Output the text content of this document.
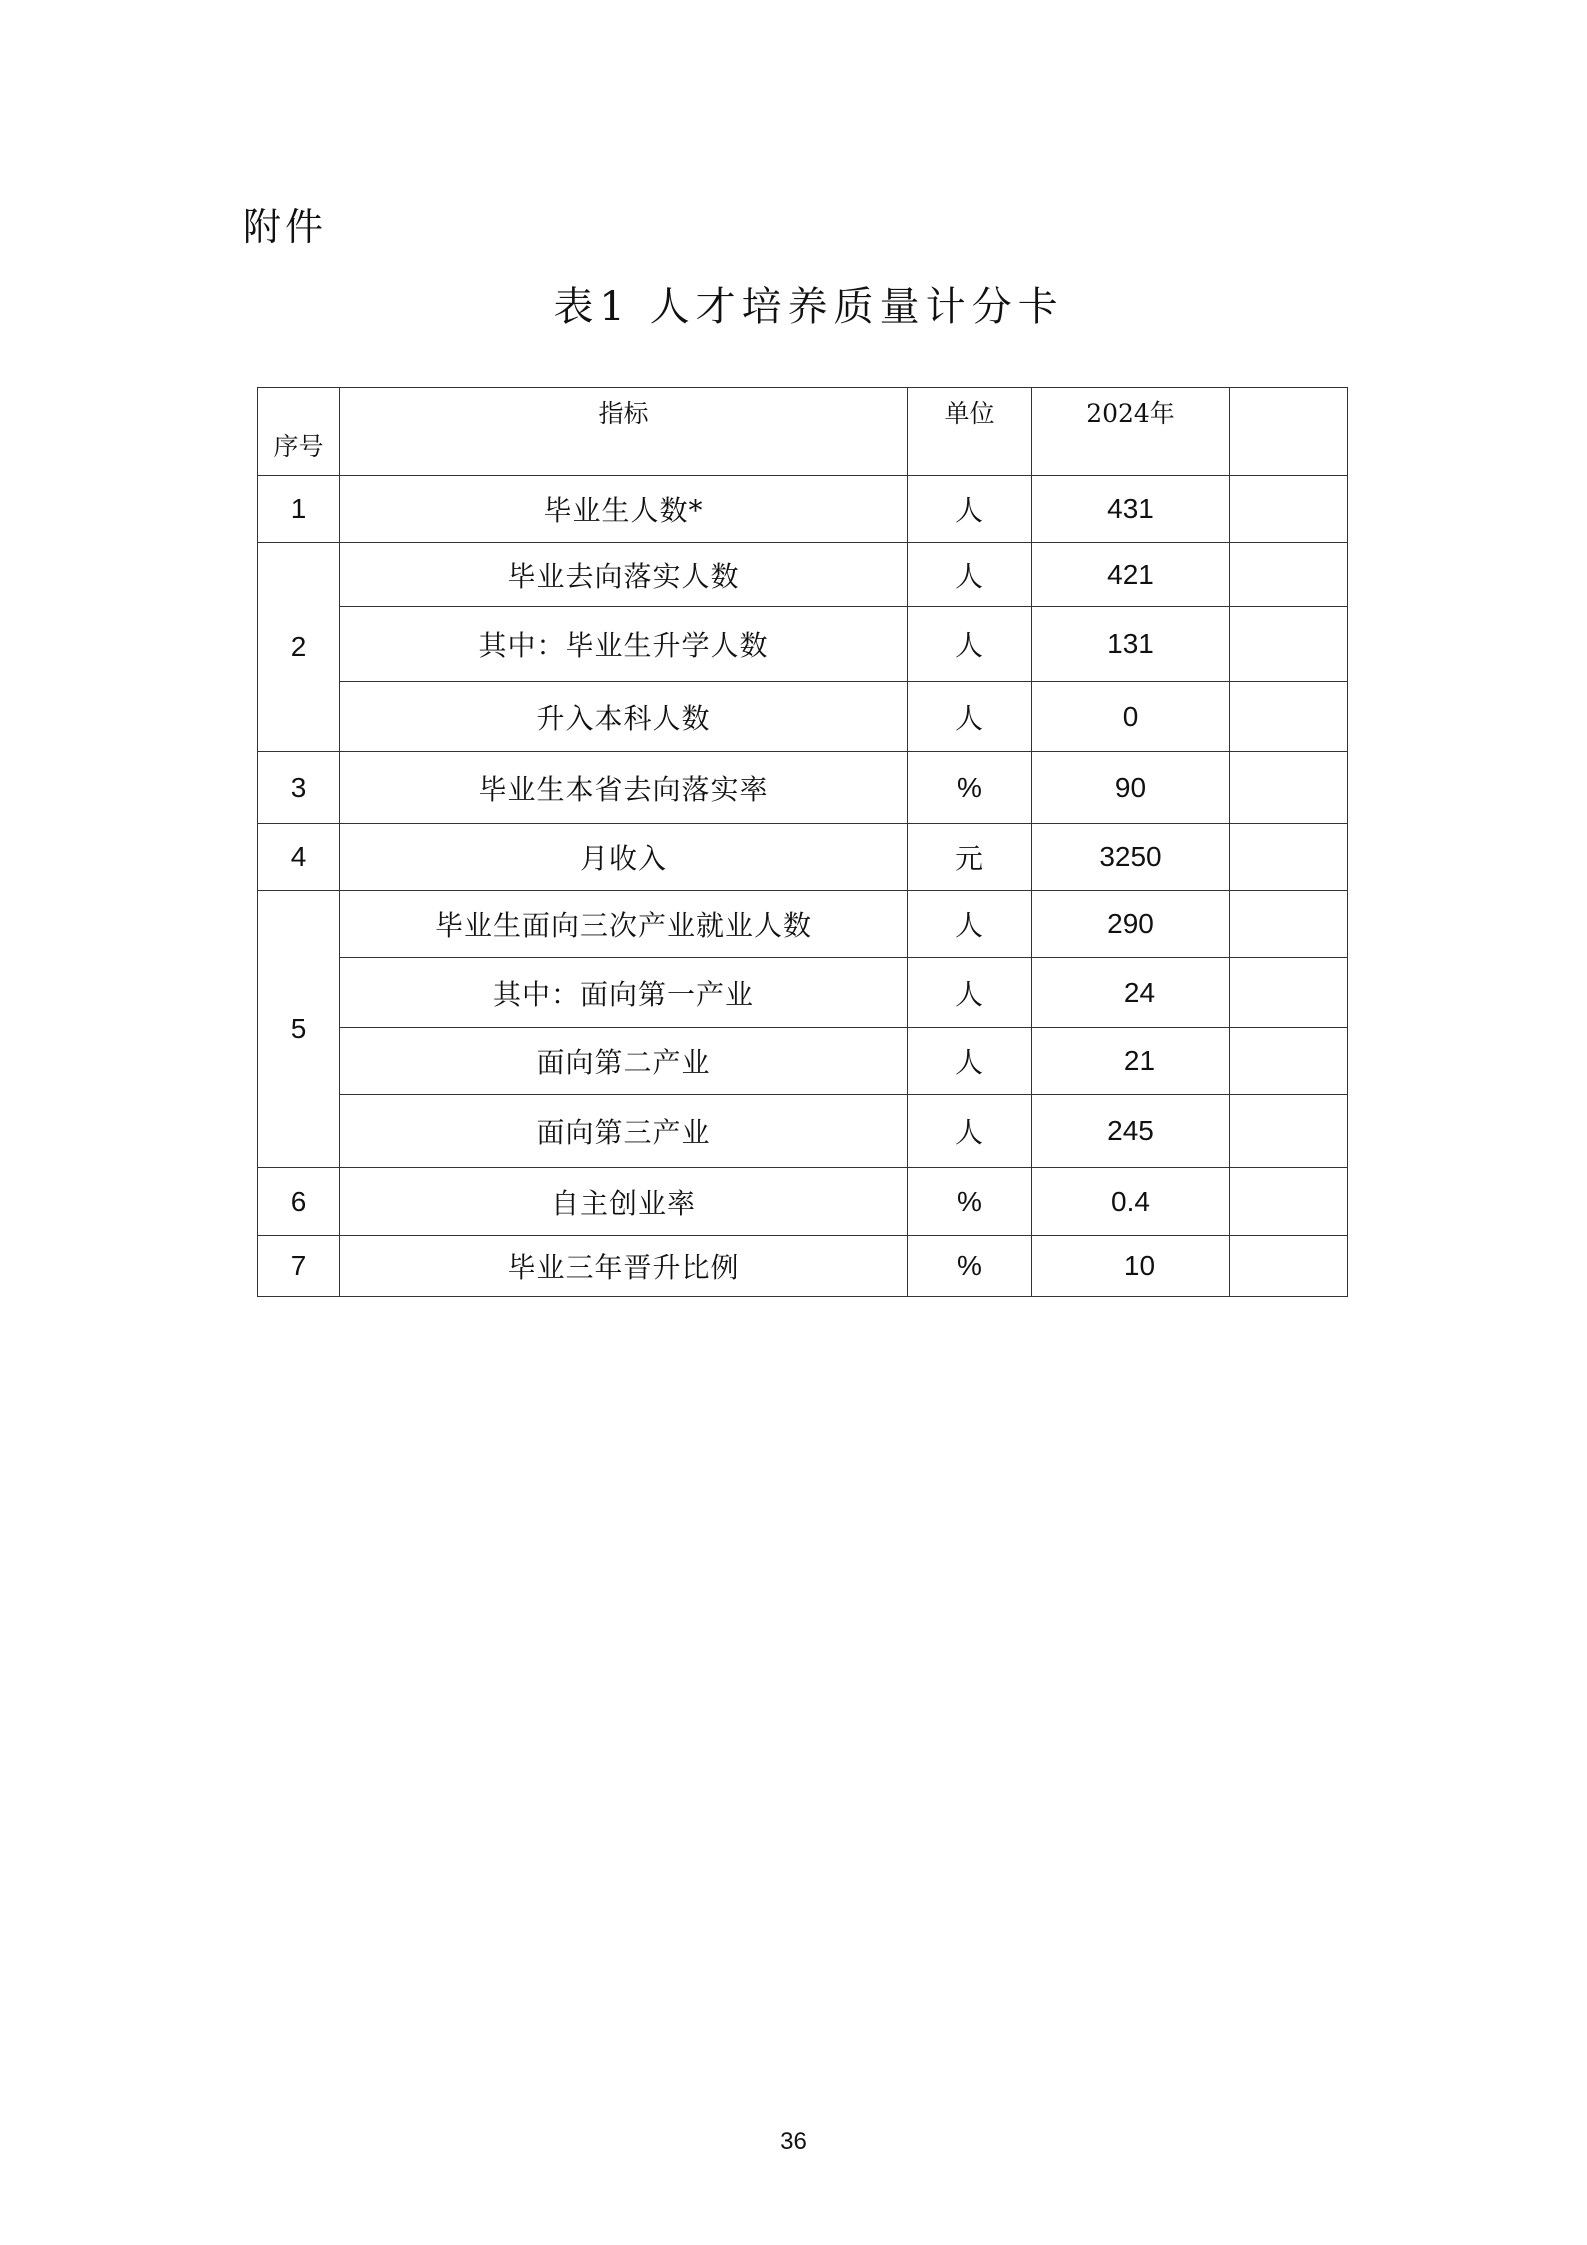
附件
表1 人才培养质量计分卡
序号	指标	单位	2024年	
1	毕业生人数*	人	431	
2	毕业去向落实人数	人	421	
	其中：毕业生升学人数	人	131	
	升入本科人数	人	0	
3	毕业生本省去向落实率	%	90	
4	月收入	元	3250	
5	毕业生面向三次产业就业人数	人	290	
	其中：面向第一产业	人	24	
	面向第二产业	人	21	
	面向第三产业	人	245	
6	自主创业率	%	0.4	
7	毕业三年晋升比例	%	10	
36
